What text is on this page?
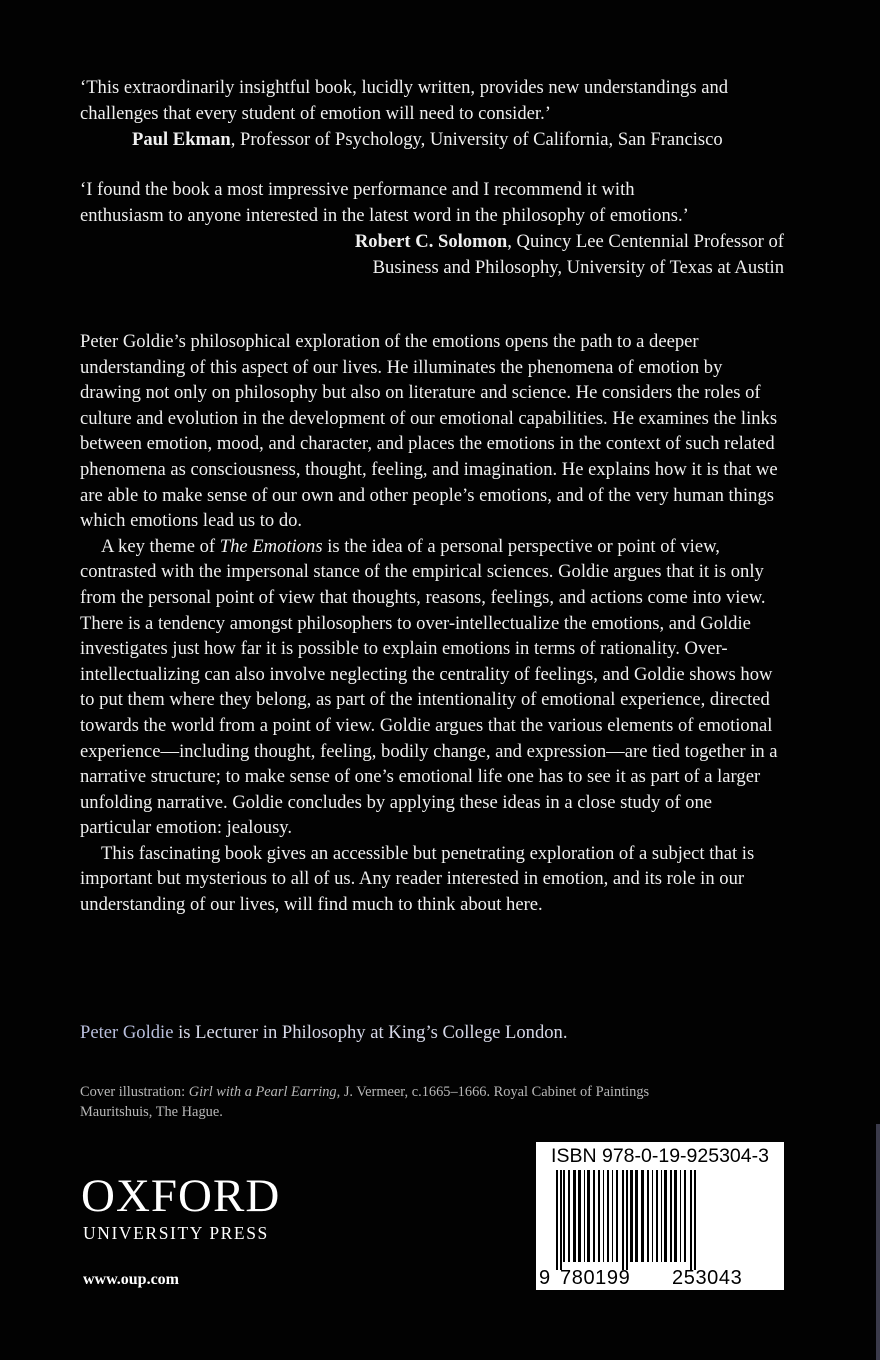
‘This extraordinarily insightful book, lucidly written, provides new understandings and challenges that every student of emotion will need to consider.’
Paul Ekman, Professor of Psychology, University of California, San Francisco
‘I found the book a most impressive performance and I recommend it with
enthusiasm to anyone interested in the latest word in the philosophy of emotions.’
Robert C. Solomon, Quincy Lee Centennial Professor of
Business and Philosophy, University of Texas at Austin

Peter Goldie’s philosophical exploration of the emotions opens the path to a deeper understanding of this aspect of our lives. He illuminates the phenomena of emotion by drawing not only on philosophy but also on literature and science. He considers the roles of culture and evolution in the development of our emotional capabilities. He examines the links between emotion, mood, and character, and places the emotions in the context of such related phenomena as consciousness, thought, feeling, and imagination. He explains how it is that we are able to make sense of our own and other people’s emotions, and of the very human things which emotions lead us to do.

A key theme of The Emotions is the idea of a personal perspective or point of view, contrasted with the impersonal stance of the empirical sciences. Goldie argues that it is only from the personal point of view that thoughts, reasons, feelings, and actions come into view. There is a tendency amongst philosophers to over-intellectualize the emotions, and Goldie investigates just how far it is possible to explain emotions in terms of rationality. Over-intellectualizing can also involve neglecting the centrality of feelings, and Goldie shows how to put them where they belong, as part of the intentionality of emotional experience, directed towards the world from a point of view. Goldie argues that the various elements of emotional experience—including thought, feeling, bodily change, and expression—are tied together in a narrative structure; to make sense of one’s emotional life one has to see it as part of a larger unfolding narrative. Goldie concludes by applying these ideas in a close study of one particular emotion: jealousy.

This fascinating book gives an accessible but penetrating exploration of a subject that is important but mysterious to all of us. Any reader interested in emotion, and its role in our understanding of our lives, will find much to think about here.

Peter Goldie is Lecturer in Philosophy at King’s College London.
Cover illustration: Girl with a Pearl Earring, J. Vermeer, c.1665–1666. Royal Cabinet of Paintings
Mauritshuis, The Hague.
OXFORD
UNIVERSITY PRESS
www.oup.com	9 780199 253043
ISBN 978-0-19-925304-3
